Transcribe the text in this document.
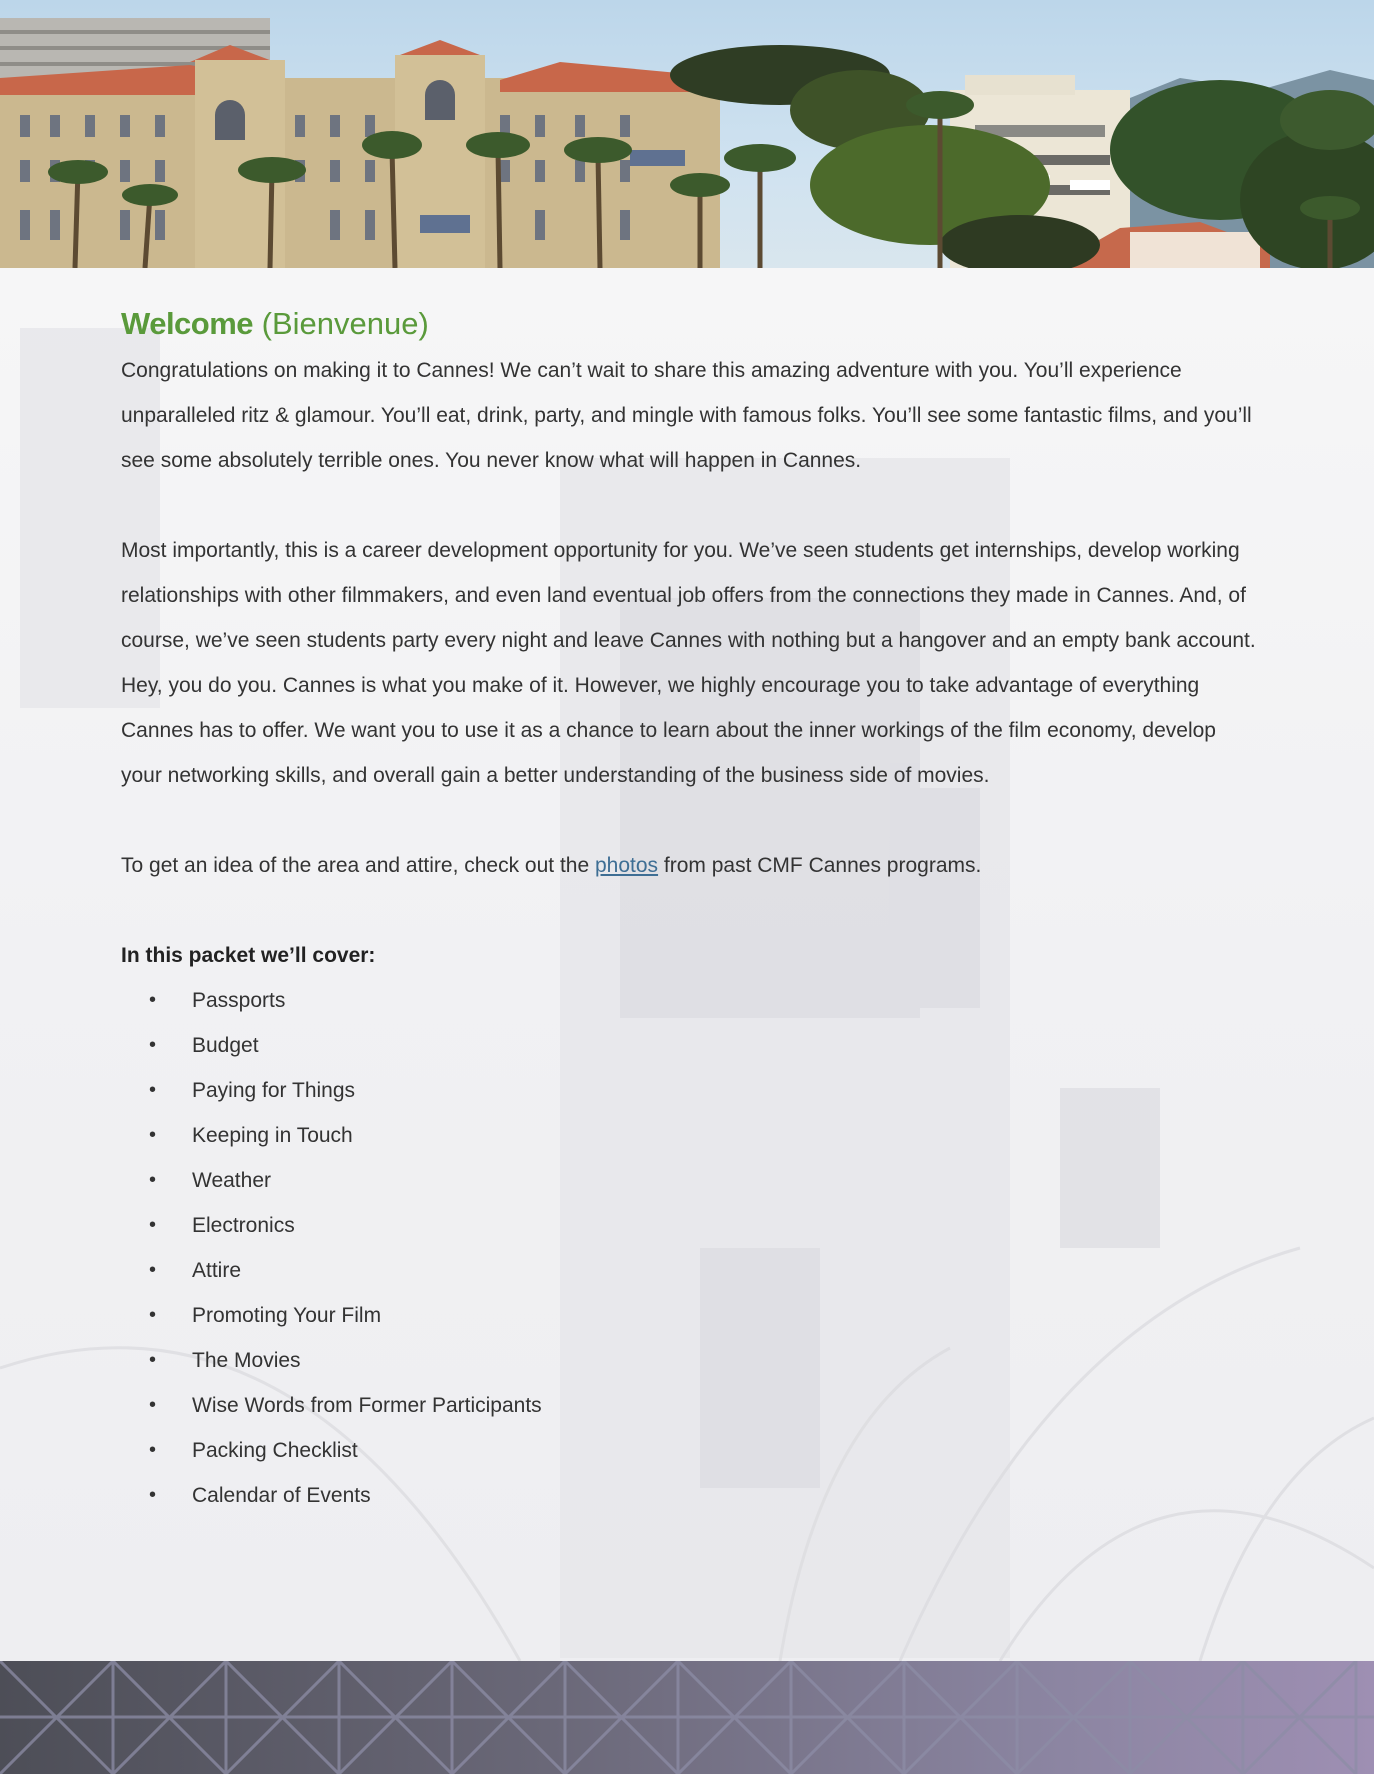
Welcome (Bienvenue)

Congratulations on making it to Cannes! We can’t wait to share this amazing adventure with you. You’ll experience unparalleled ritz & glamour. You’ll eat, drink, party, and mingle with famous folks. You’ll see some fantastic films, and you’ll see some absolutely terrible ones. You never know what will happen in Cannes.

Most importantly, this is a career development opportunity for you. We’ve seen students get internships, develop working relationships with other filmmakers, and even land eventual job offers from the connections they made in Cannes. And, of course, we’ve seen students party every night and leave Cannes with nothing but a hangover and an empty bank account. Hey, you do you. Cannes is what you make of it. However, we highly encourage you to take advantage of everything Cannes has to offer. We want you to use it as a chance to learn about the inner workings of the film economy, develop your networking skills, and overall gain a better understanding of the business side of movies.

To get an idea of the area and attire, check out the photos from past CMF Cannes programs.

In this packet we’ll cover:

• Passports
• Budget
• Paying for Things
• Keeping in Touch
• Weather
• Electronics
• Attire
• Promoting Your Film
• The Movies
• Wise Words from Former Participants
• Packing Checklist
• Calendar of Events
